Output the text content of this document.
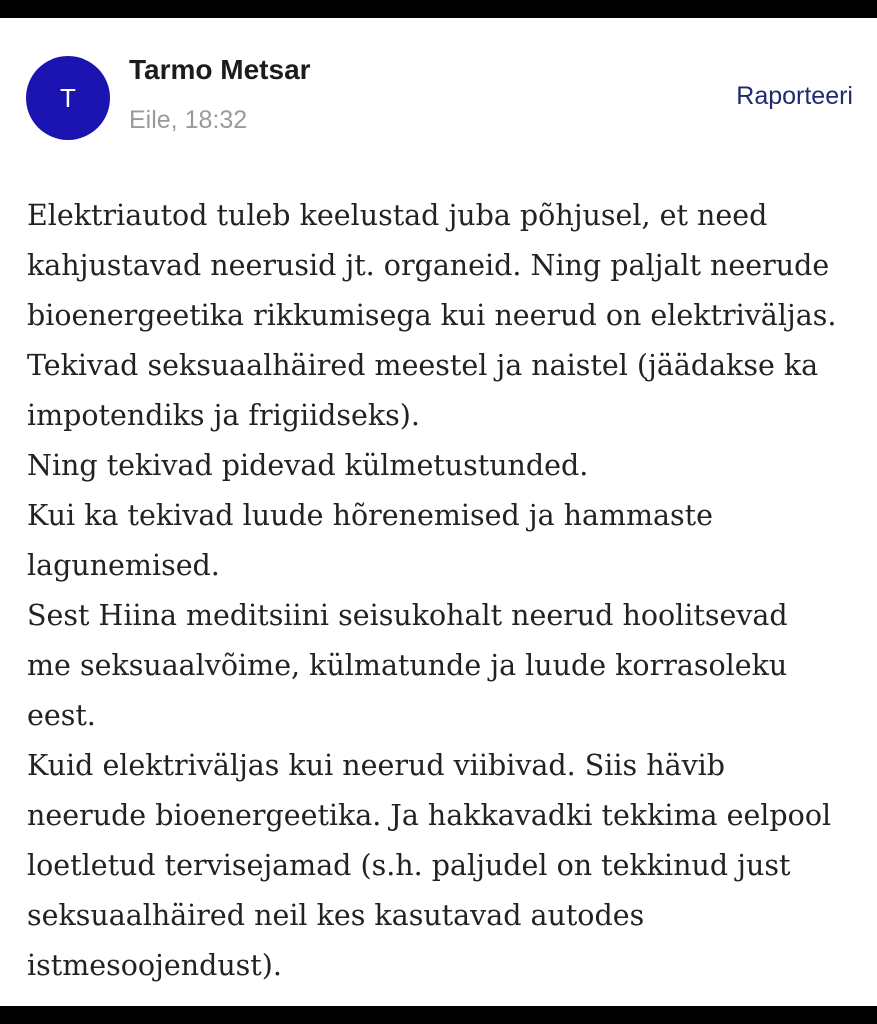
T
Tarmo Metsar
Eile, 18:32
Raporteeri
Elektriautod tuleb keelustad juba põhjusel, et need
kahjustavad neerusid jt. organeid. Ning paljalt neerude
bioenergeetika rikkumisega kui neerud on elektriväljas.
Tekivad seksuaalhäired meestel ja naistel (jäädakse ka
impotendiks ja frigiidseks).
Ning tekivad pidevad külmetustunded.
Kui ka tekivad luude hõrenemised ja hammaste
lagunemised.
Sest Hiina meditsiini seisukohalt neerud hoolitsevad
me seksuaalvõime, külmatunde ja luude korrasoleku
eest.
Kuid elektriväljas kui neerud viibivad. Siis hävib
neerude bioenergeetika. Ja hakkavadki tekkima eelpool
loetletud tervisejamad (s.h. paljudel on tekkinud just
seksuaalhäired neil kes kasutavad autodes
istmesoojendust).
